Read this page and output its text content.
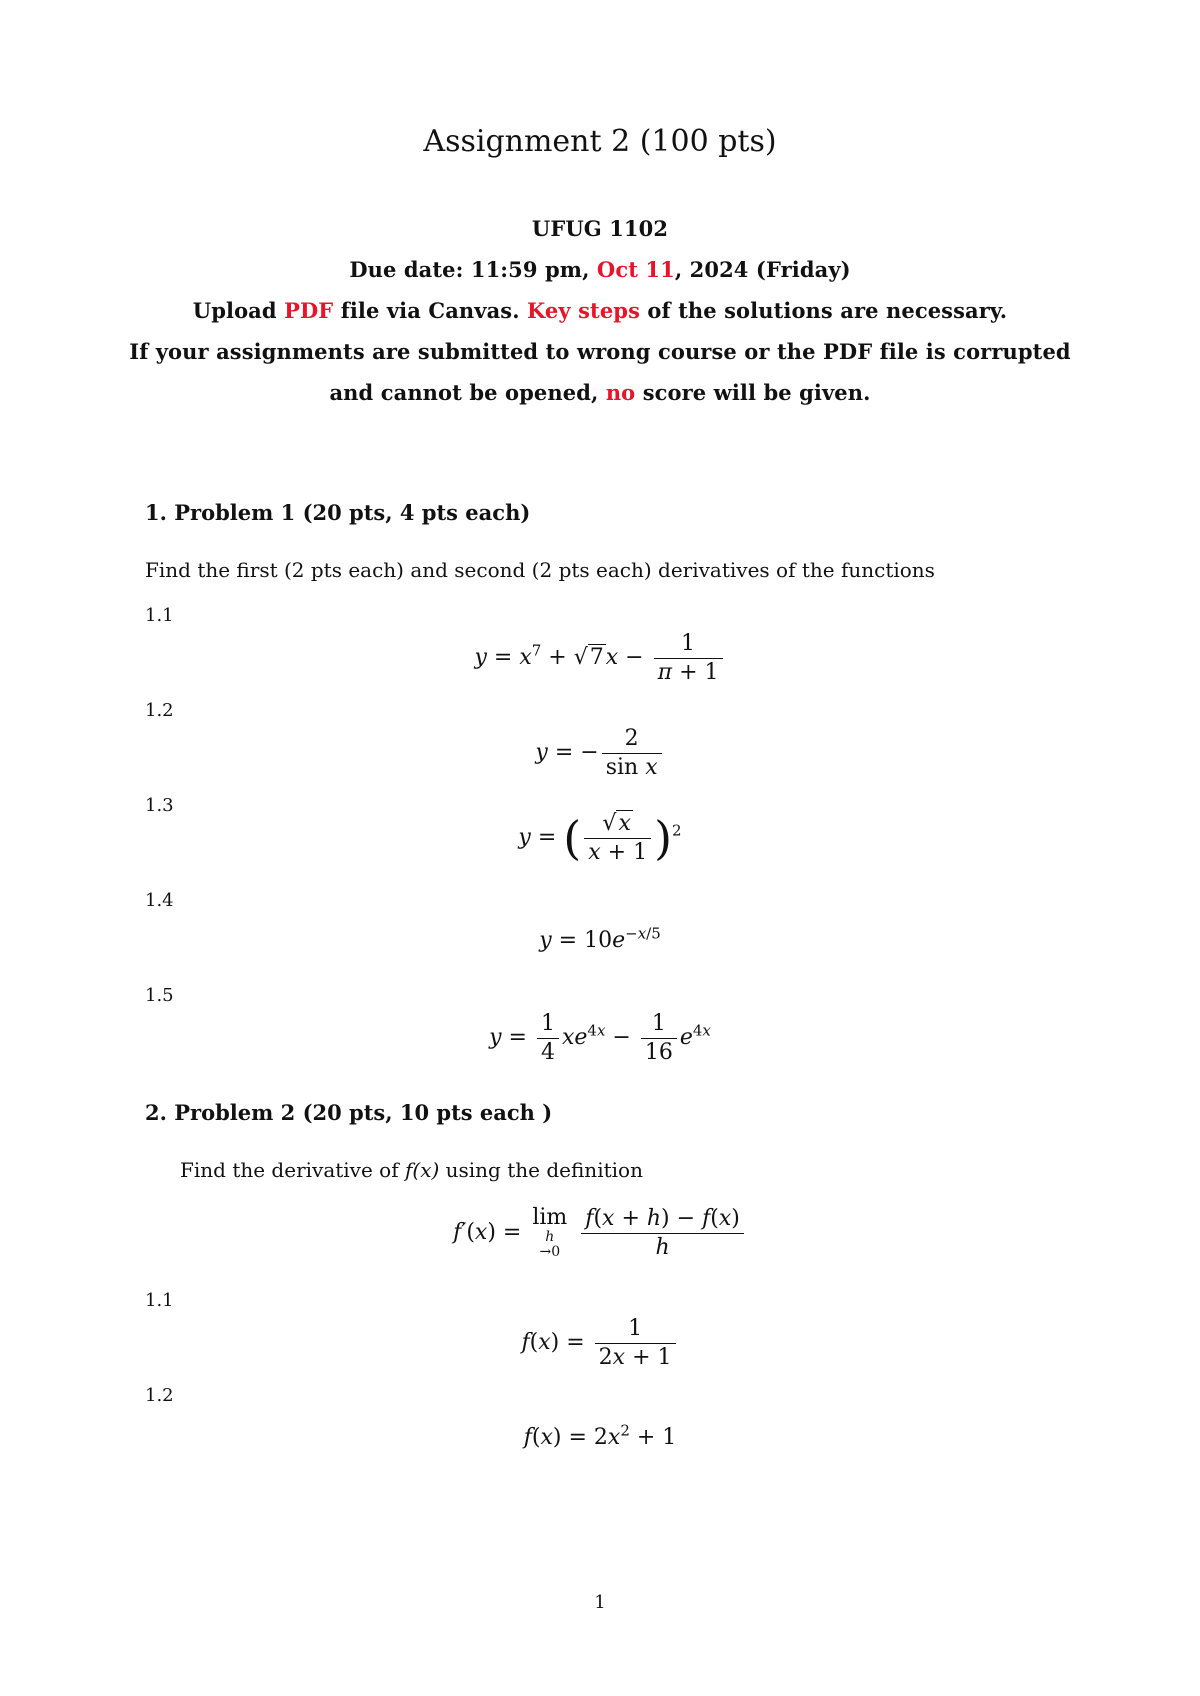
Assignment 2 (100 pts)
UFUG 1102
Due date: 11:59 pm, Oct 11, 2024 (Friday)
Upload PDF file via Canvas. Key steps of the solutions are necessary.
If your assignments are submitted to wrong course or the PDF file is corrupted
and cannot be opened, no score will be given.
1. Problem 1 (20 pts, 4 pts each)
Find the first (2 pts each) and second (2 pts each) derivatives of the functions
1.1
$y = x^7 + √7x - \frac{1}{\pi + 1}$
1.2
y = − $\frac{2}{\text{sin x}}$
1.3
y = ( $\frac{√x}{x + 1} )^2$
1.4
$y = 10e^{-x/5}$
1.5
$y = \frac{1}{4} xe^{4x} - \frac{1}{16} e^{4x}$
2. Problem 2 (20 pts, 10 pts each )
Find the derivative of f(x) using the definition
f′(x) =
lim
h
→0
$\frac{f(x + h) - f(x)}{h}$
1.1
$f(x) = \frac{1}{2x + 1}$
1.2
$f(x) = 2x^2 + 1$
1
